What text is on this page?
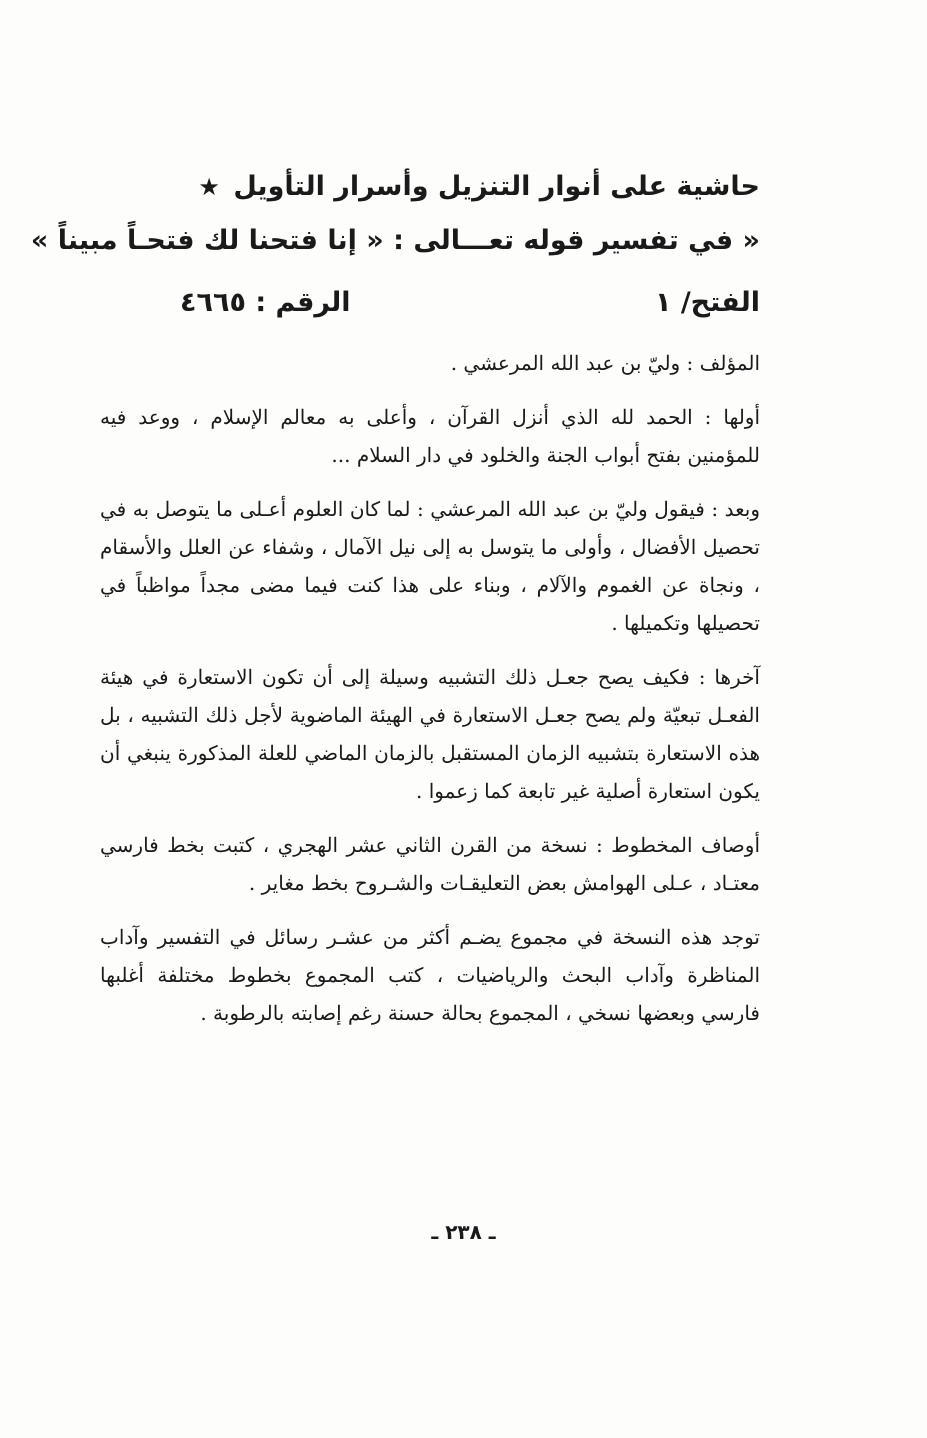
حاشية على أنوار التنزيل وأسرار التأويل ★
« في تفسير قوله تعـــالى : « إنا فتحنا لك فتحـاً مبيناً »
الفتح/ ١
الرقم : ٤٦٦٥

المؤلف : وليّ بن عبد الله المرعشي .

أولها : الحمد لله الذي أنزل القرآن ، وأعلى به معالم الإسلام ، ووعد فيه للمؤمنين بفتح أبواب الجنة والخلود في دار السلام ...

وبعد : فيقول وليّ بن عبد الله المرعشي : لما كان العلوم أعـلى ما يتوصل به في تحصيل الأفضال ، وأولى ما يتوسل به إلى نيل الآمال ، وشفاء عن العلل والأسقام ، ونجاة عن الغموم والآلام ، وبناء على هذا كنت فيما مضى مجداً مواظباً في تحصيلها وتكميلها .

آخرها : فكيف يصح جعـل ذلك التشبيه وسيلة إلى أن تكون الاستعارة في هيئة الفعـل تبعيّة ولم يصح جعـل الاستعارة في الهيئة الماضوية لأجل ذلك التشبيه ، بل هذه الاستعارة بتشبيه الزمان المستقبل بالزمان الماضي للعلة المذكورة ينبغي أن يكون استعارة أصلية غير تابعة كما زعموا .

أوصاف المخطوط : نسخة من القرن الثاني عشر الهجري ، كتبت بخط فارسي معتـاد ، عـلى الهوامش بعض التعليقـات والشـروح بخط مغاير .

توجد هذه النسخة في مجموع يضـم أكثر من عشـر رسائل في التفسير وآداب المناظرة وآداب البحث والرياضيات ، كتب المجموع بخطوط مختلفة أغلبها فارسي وبعضها نسخي ، المجموع بحالة حسنة رغم إصابته بالرطوبة .

ـ ٢٣٨ ـ
